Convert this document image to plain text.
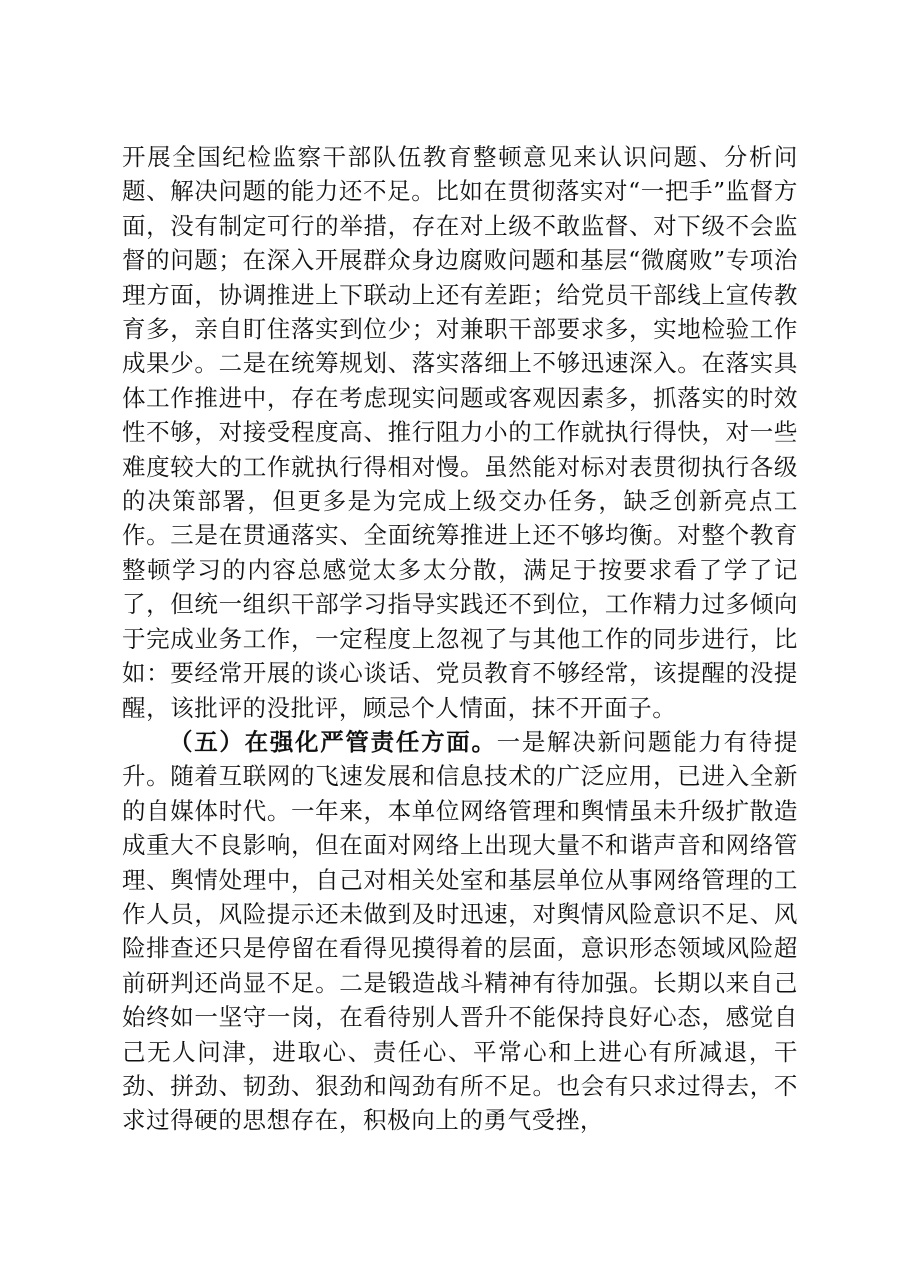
开展全国纪检监察干部队伍教育整顿意见来认识问题、分析问题、解决问题的能力还不足。比如在贯彻落实对“一把手”监督方面，没有制定可行的举措，存在对上级不敢监督、对下级不会监督的问题；在深入开展群众身边腐败问题和基层“微腐败”专项治理方面，协调推进上下联动上还有差距；给党员干部线上宣传教育多，亲自盯住落实到位少；对兼职干部要求多，实地检验工作成果少。二是在统筹规划、落实落细上不够迅速深入。在落实具体工作推进中，存在考虑现实问题或客观因素多，抓落实的时效性不够，对接受程度高、推行阻力小的工作就执行得快，对一些难度较大的工作就执行得相对慢。虽然能对标对表贯彻执行各级的决策部署，但更多是为完成上级交办任务，缺乏创新亮点工作。三是在贯通落实、全面统筹推进上还不够均衡。对整个教育整顿学习的内容总感觉太多太分散，满足于按要求看了学了记了，但统一组织干部学习指导实践还不到位，工作精力过多倾向于完成业务工作，一定程度上忽视了与其他工作的同步进行，比如：要经常开展的谈心谈话、党员教育不够经常，该提醒的没提醒，该批评的没批评，顾忌个人情面，抹不开面子。

（五）在强化严管责任方面。一是解决新问题能力有待提升。随着互联网的飞速发展和信息技术的广泛应用，已进入全新的自媒体时代。一年来，本单位网络管理和舆情虽未升级扩散造成重大不良影响，但在面对网络上出现大量不和谐声音和网络管理、舆情处理中，自己对相关处室和基层单位从事网络管理的工作人员，风险提示还未做到及时迅速，对舆情风险意识不足、风险排查还只是停留在看得见摸得着的层面，意识形态领域风险超前研判还尚显不足。二是锻造战斗精神有待加强。长期以来自己始终如一坚守一岗，在看待别人晋升不能保持良好心态，感觉自己无人问津，进取心、责任心、平常心和上进心有所减退，干劲、拼劲、韧劲、狠劲和闯劲有所不足。也会有只求过得去，不求过得硬的思想存在，积极向上的勇气受挫，
